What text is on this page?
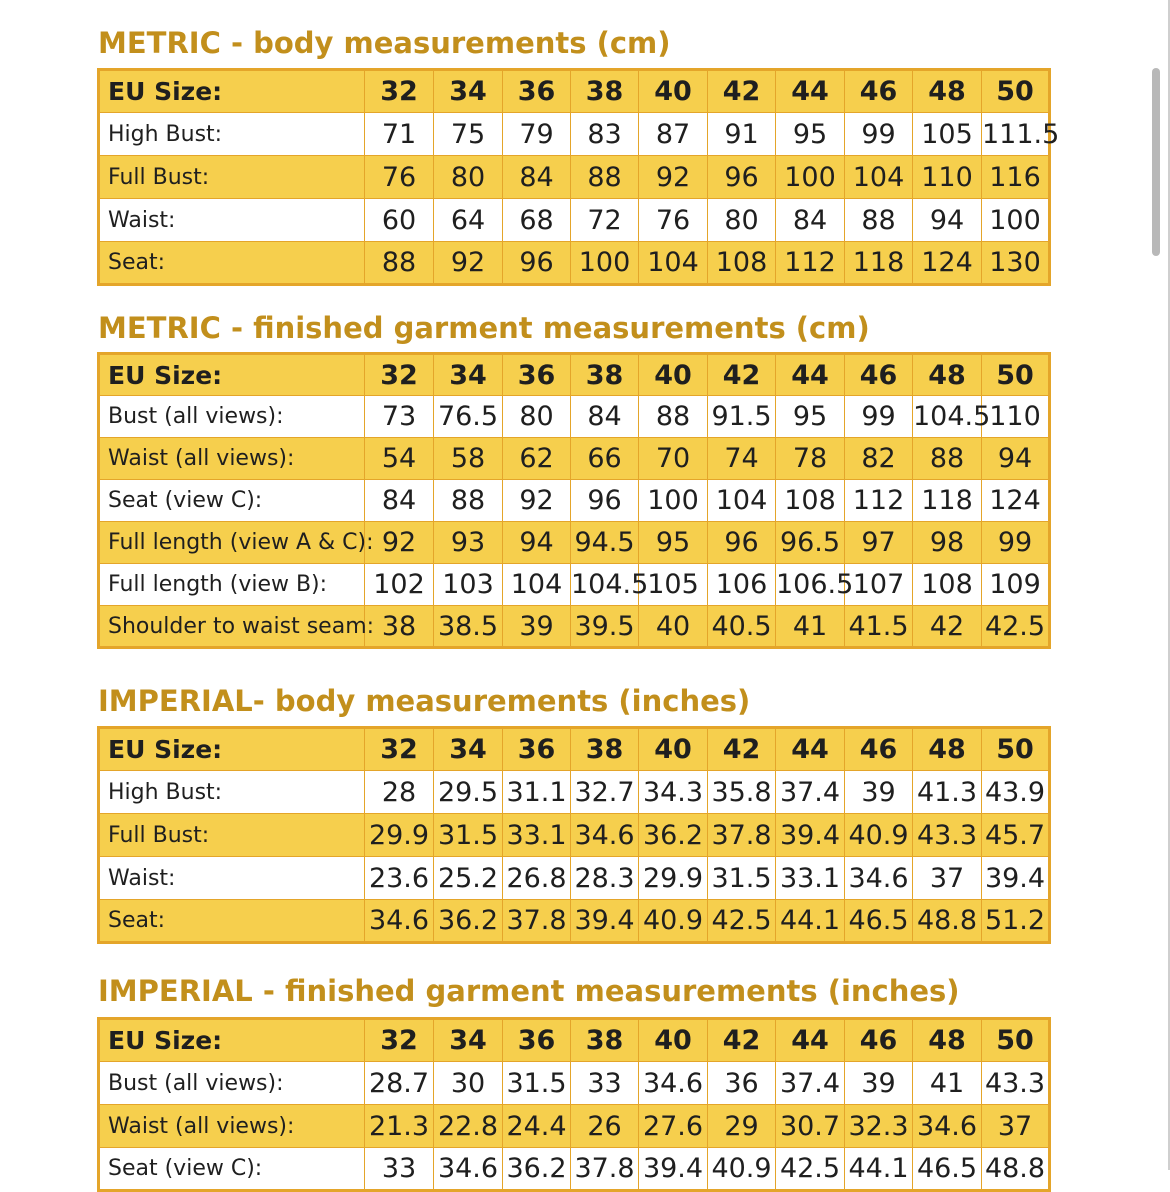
METRIC - body measurements (cm)
EU Size:	32	34	36	38	40	42	44	46	48	50
High Bust:	71	75	79	83	87	91	95	99	105	111.5
Full Bust:	76	80	84	88	92	96	100	104	110	116
Waist:	60	64	68	72	76	80	84	88	94	100
Seat:	88	92	96	100	104	108	112	118	124	130
METRIC - finished garment measurements (cm)
EU Size:	32	34	36	38	40	42	44	46	48	50
Bust (all views):	73	76.5	80	84	88	91.5	95	99	104.5	110
Waist (all views):	54	58	62	66	70	74	78	82	88	94
Seat (view C):	84	88	92	96	100	104	108	112	118	124
Full length (view A & C):	92	93	94	94.5	95	96	96.5	97	98	99
Full length (view B):	102	103	104	104.5	105	106	106.5	107	108	109
Shoulder to waist seam:	38	38.5	39	39.5	40	40.5	41	41.5	42	42.5
IMPERIAL- body measurements (inches)
EU Size:	32	34	36	38	40	42	44	46	48	50
High Bust:	28	29.5	31.1	32.7	34.3	35.8	37.4	39	41.3	43.9
Full Bust:	29.9	31.5	33.1	34.6	36.2	37.8	39.4	40.9	43.3	45.7
Waist:	23.6	25.2	26.8	28.3	29.9	31.5	33.1	34.6	37	39.4
Seat:	34.6	36.2	37.8	39.4	40.9	42.5	44.1	46.5	48.8	51.2
IMPERIAL - finished garment measurements (inches)
EU Size:	32	34	36	38	40	42	44	46	48	50
Bust (all views):	28.7	30	31.5	33	34.6	36	37.4	39	41	43.3
Waist (all views):	21.3	22.8	24.4	26	27.6	29	30.7	32.3	34.6	37
Seat (view C):	33	34.6	36.2	37.8	39.4	40.9	42.5	44.1	46.5	48.8
